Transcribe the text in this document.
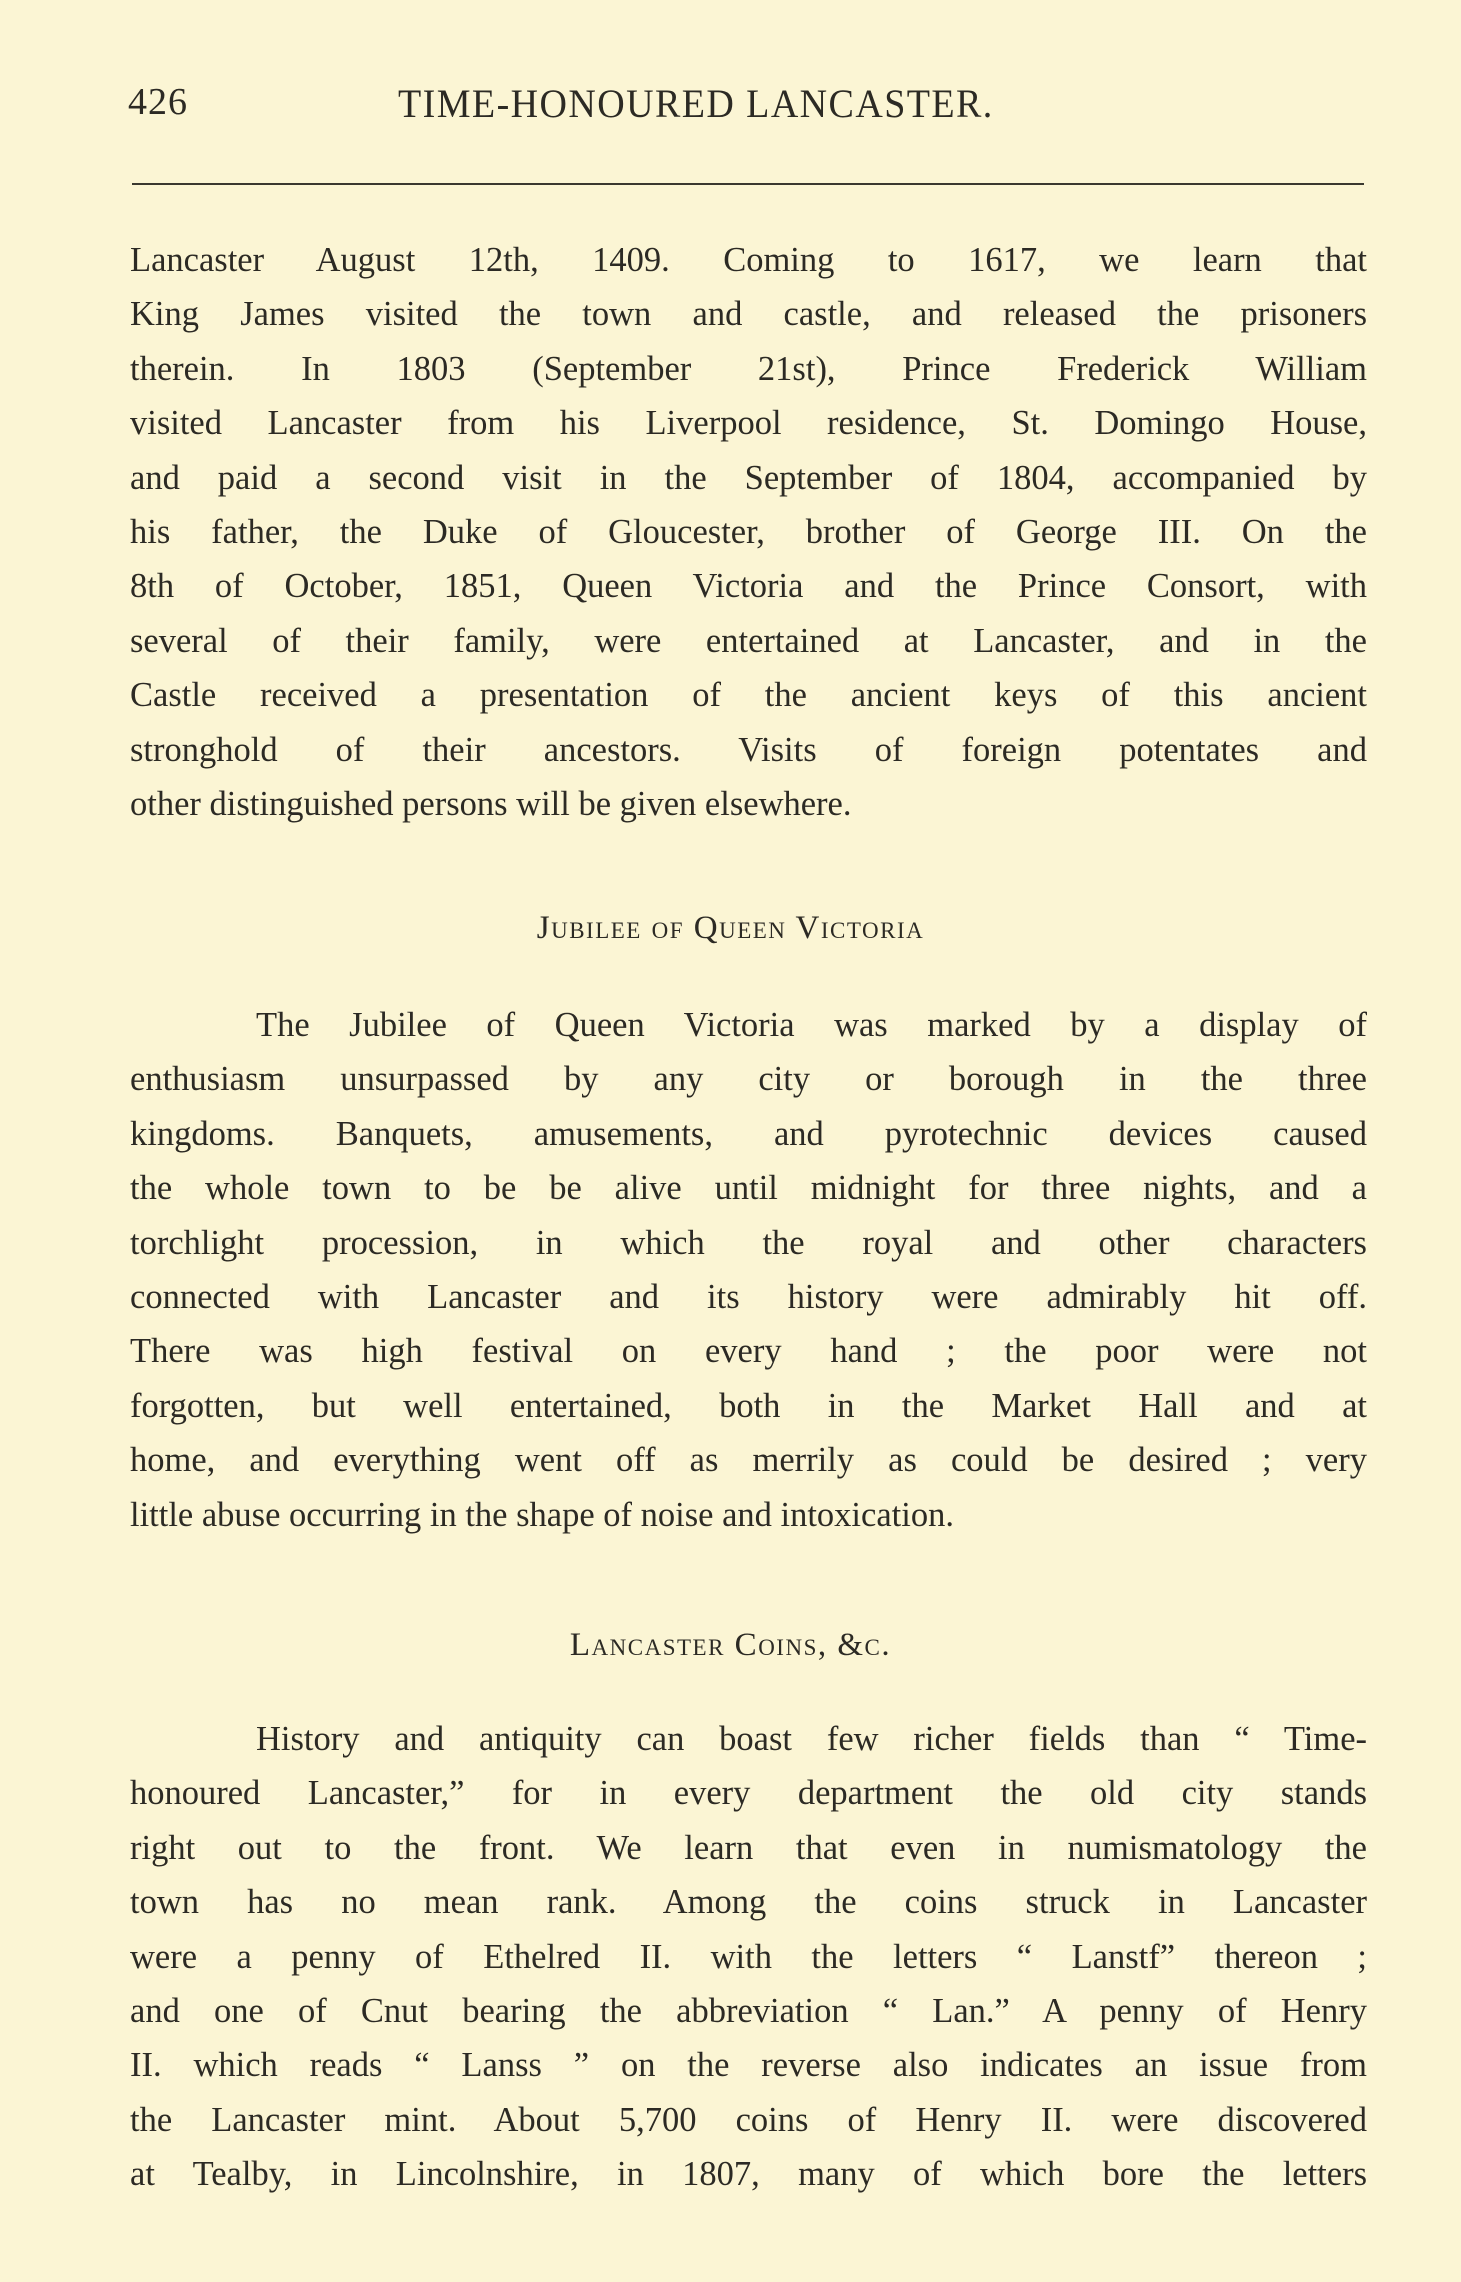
426	TIME-HONOURED LANCASTER.
Lancaster August 12th, 1409. Coming to 1617, we learn that
King James visited the town and castle, and released the prisoners
therein. In 1803 (September 21st), Prince Frederick William
visited Lancaster from his Liverpool residence, St. Domingo House,
and paid a second visit in the September of 1804, accompanied by
his father, the Duke of Gloucester, brother of George III. On the
8th of October, 1851, Queen Victoria and the Prince Consort, with
several of their family, were entertained at Lancaster, and in the
Castle received a presentation of the ancient keys of this ancient
stronghold of their ancestors. Visits of foreign potentates and
other distinguished persons will be given elsewhere.
Jubilee of Queen Victoria
The Jubilee of Queen Victoria was marked by a display of
enthusiasm unsurpassed by any city or borough in the three
kingdoms. Banquets, amusements, and pyrotechnic devices caused
the whole town to be be alive until midnight for three nights, and a
torchlight procession, in which the royal and other characters
connected with Lancaster and its history were admirably hit off.
There was high festival on every hand ; the poor were not
forgotten, but well entertained, both in the Market Hall and at
home, and everything went off as merrily as could be desired ; very
little abuse occurring in the shape of noise and intoxication.
Lancaster Coins, &c.
History and antiquity can boast few richer fields than “ Time-
honoured Lancaster,” for in every department the old city stands
right out to the front. We learn that even in numismatology the
town has no mean rank. Among the coins struck in Lancaster
were a penny of Ethelred II. with the letters “ Lanstf” thereon ;
and one of Cnut bearing the abbreviation “ Lan.” A penny of Henry
II. which reads “ Lanss ” on the reverse also indicates an issue from
the Lancaster mint. About 5,700 coins of Henry II. were discovered
at Tealby, in Lincolnshire, in 1807, many of which bore the letters
